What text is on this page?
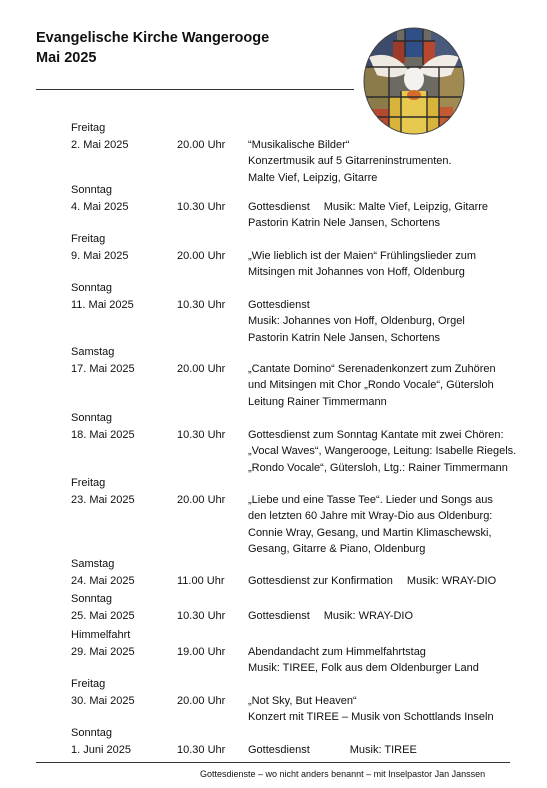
Evangelische Kirche Wangerooge
Mai 2025
Freitag
2. Mai 2025	20.00 Uhr “Musikalische Bilder“
Konzertmusik auf 5 Gitarreninstrumenten.
Malte Vief, Leipzig, Gitarre
Sonntag
4. Mai 2025	10.30 Uhr Gottesdienst Musik: Malte Vief, Leipzig, Gitarre
Pastorin Katrin Nele Jansen, Schortens
Freitag
9. Mai 2025	20.00 Uhr „Wie lieblich ist der Maien“ Frühlingslieder zum
Mitsingen mit Johannes von Hoff, Oldenburg
Sonntag
11. Mai 2025	10.30 Uhr Gottesdienst
Musik: Johannes von Hoff, Oldenburg, Orgel
Pastorin Katrin Nele Jansen, Schortens
Samstag
17. Mai 2025	20.00 Uhr „Cantate Domino“ Serenadenkonzert zum Zuhören
und Mitsingen mit Chor „Rondo Vocale“, Gütersloh
Leitung Rainer Timmermann
Sonntag
18. Mai 2025	10.30 Uhr Gottesdienst zum Sonntag Kantate mit zwei Chören:
„Vocal Waves“, Wangerooge, Leitung: Isabelle Riegels.
„Rondo Vocale“, Gütersloh, Ltg.: Rainer Timmermann
Freitag
23. Mai 2025	20.00 Uhr „Liebe und eine Tasse Tee“. Lieder und Songs aus
den letzten 60 Jahre mit Wray-Dio aus Oldenburg:
Connie Wray, Gesang, und Martin Klimaschewski,
Gesang, Gitarre & Piano, Oldenburg
Samstag
24. Mai 2025	11.00 Uhr Gottesdienst zur Konfirmation Musik: WRAY-DIO
Sonntag
25. Mai 2025	10.30 Uhr Gottesdienst Musik: WRAY-DIO
Himmelfahrt
29. Mai 2025	19.00 Uhr Abendandacht zum Himmelfahrtstag
Musik: TIREE, Folk aus dem Oldenburger Land
Freitag
30. Mai 2025	20.00 Uhr „Not Sky, But Heaven“
Konzert mit TIREE – Musik von Schottlands Inseln
Sonntag
1. Juni 2025	10.30 Uhr Gottesdienst	Musik: TIREE
Gottesdienste – wo nicht anders benannt – mit Inselpastor Jan Janssen
